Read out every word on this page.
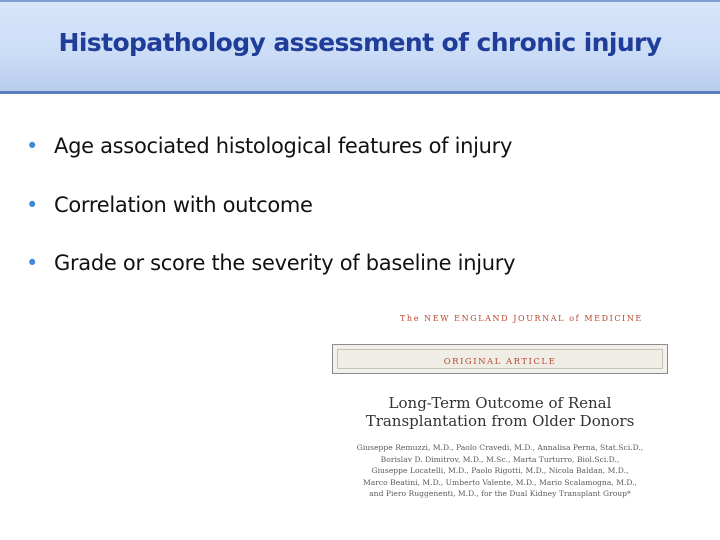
Histopathology assessment of chronic injury
• Age associated histological features of injury
• Correlation with outcome
• Grade or score the severity of baseline injury
The NEW ENGLAND JOURNAL of MEDICINE
ORIGINAL ARTICLE
Long-Term Outcome of Renal
Transplantation from Older Donors
Giuseppe Remuzzi, M.D., Paolo Cravedi, M.D., Annalisa Perna, Stat.Sci.D.,
Borislav D. Dimitrov, M.D., M.Sc., Marta Turturro, Biol.Sci.D.,
Giuseppe Locatelli, M.D., Paolo Rigotti, M.D., Nicola Baldan, M.D.,
Marco Beatini, M.D., Umberto Valente, M.D., Mario Scalamogna, M.D.,
and Piero Ruggenenti, M.D., for the Dual Kidney Transplant Group*
